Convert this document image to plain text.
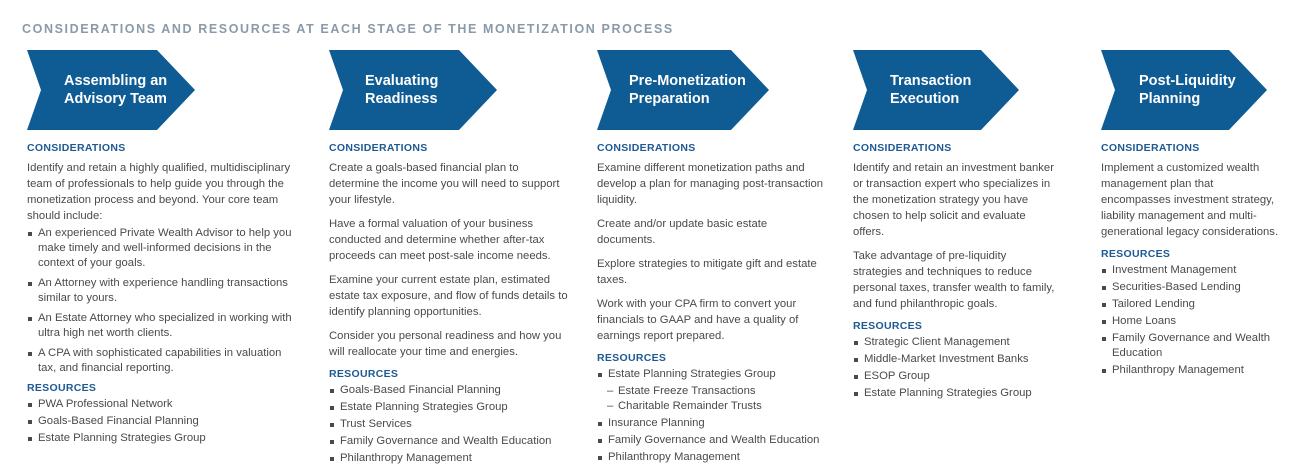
CONSIDERATIONS AND RESOURCES AT EACH STAGE OF THE MONETIZATION PROCESS
Assembling an
Advisory Team
CONSIDERATIONS

Identify and retain a highly qualified, multidisciplinary team of professionals to help guide you through the monetization process and beyond. Your core team should include:

An experienced Private Wealth Advisor to help you make timely and well-informed decisions in the context of your goals.
An Attorney with experience handling transactions similar to yours.
An Estate Attorney who specialized in working with ultra high net worth clients.
A CPA with sophisticated capabilities in valuation tax, and financial reporting.
RESOURCES
PWA Professional Network
Goals-Based Financial Planning
Estate Planning Strategies Group
Evaluating
Readiness
CONSIDERATIONS

Create a goals-based financial plan to determine the income you will need to support your lifestyle.

Have a formal valuation of your business conducted and determine whether after-tax proceeds can meet post-sale income needs.

Examine your current estate plan, estimated estate tax exposure, and flow of funds details to identify planning opportunities.

Consider you personal readiness and how you will reallocate your time and energies.

RESOURCES
Goals-Based Financial Planning
Estate Planning Strategies Group
Trust Services
Family Governance and Wealth Education
Philanthropy Management
Pre-Monetization
Preparation
CONSIDERATIONS

Examine different monetization paths and develop a plan for managing post-transaction liquidity.

Create and/or update basic estate documents.

Explore strategies to mitigate gift and estate taxes.

Work with your CPA firm to convert your financials to GAAP and have a quality of earnings report prepared.

RESOURCES
Estate Planning Strategies Group
– Estate Freeze Transactions
– Charitable Remainder Trusts
Insurance Planning
Family Governance and Wealth Education
Philanthropy Management
Transaction
Execution
CONSIDERATIONS

Identify and retain an investment banker or transaction expert who specializes in the monetization strategy you have chosen to help solicit and evaluate offers.

Take advantage of pre-liquidity strategies and techniques to reduce personal taxes, transfer wealth to family, and fund philanthropic goals.

RESOURCES
Strategic Client Management
Middle-Market Investment Banks
ESOP Group
Estate Planning Strategies Group
Post-Liquidity
Planning
CONSIDERATIONS

Implement a customized wealth management plan that encompasses investment strategy, liability management and multi-generational legacy considerations.

RESOURCES
Investment Management
Securities-Based Lending
Tailored Lending
Home Loans
Family Governance and Wealth Education
Philanthropy Management
